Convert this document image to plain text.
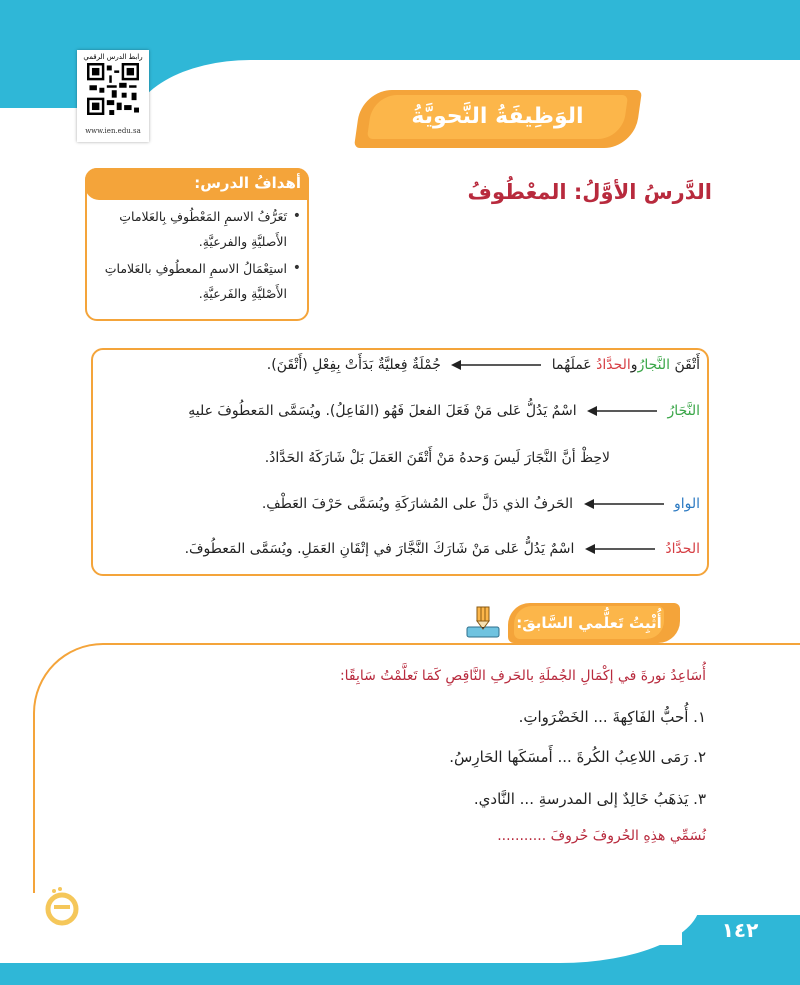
رابط الدرس الرقمي
www.ien.edu.sa
الوَظِيفَةُ النَّحويَّةُ
الدَّرسُ الأوَّلُ: المعْطُوفُ
أهدافُ الدرس:
• تَعَرُّفُ الاسمِ المَعْطُوفِ بِالعَلاماتِ
الأَصليَّةِ والفرعيَّةِ.
• استِعْمَالُ الاسمِ المعطُوفِ بالعَلاماتِ
الأَصْليَّةِ والفَرعيَّةِ.
أَتْقَنَ النَّجارُوالحدَّادُ عَملَهُما  جُمْلَةٌ فِعليَّةٌ بَدَأَتْ بِفِعْلِ (أَتْقَنَ).
النَّجَارُ  اسْمٌ يَدُلُّ عَلى مَنْ فَعَلَ الفعلَ فَهُو (الفَاعِلُ). ويُسَمَّى المَعطُوفَ عليهِ
لاحِظْ أنَّ النَّجَارَ لَيسَ وَحدهُ مَنْ أَتْقَنَ العَمَلَ بَلْ شَارَكَهُ الحَدَّادُ.
الواو  الحَرفُ الذي دَلَّ على المُشارَكَةِ ويُسَمَّى حَرْفَ العَطْفِ.
الحدَّادُ  اسْمٌ يَدُلُّ عَلى مَنْ شَارَكَ النَّجَّارَ في إتْقَانِ العَمَلِ. ويُسَمَّى المَعطُوفَ.
أُثْبِتُ تَعلُّمي السَّابقَ:
أُسَاعِدُ نورةَ في إكْمَالِ الجُملَةِ بالحَرفِ النَّاقِصِ كَمَا تَعلَّمْتُ سَابِقًا:
١. أُحبُّ الفَاكِهةَ ... الخَضْرَواتِ.
٢. رَمَى اللاعِبُ الكُرةَ ... أَمسَكَها الحَارِسُ.
٣. يَذهَبُ خَالِدٌ إلى المدرسةِ ... النَّادي.
نُسَمِّي هذِهِ الحُروفَ حُروفَ ...........
١٤٢
